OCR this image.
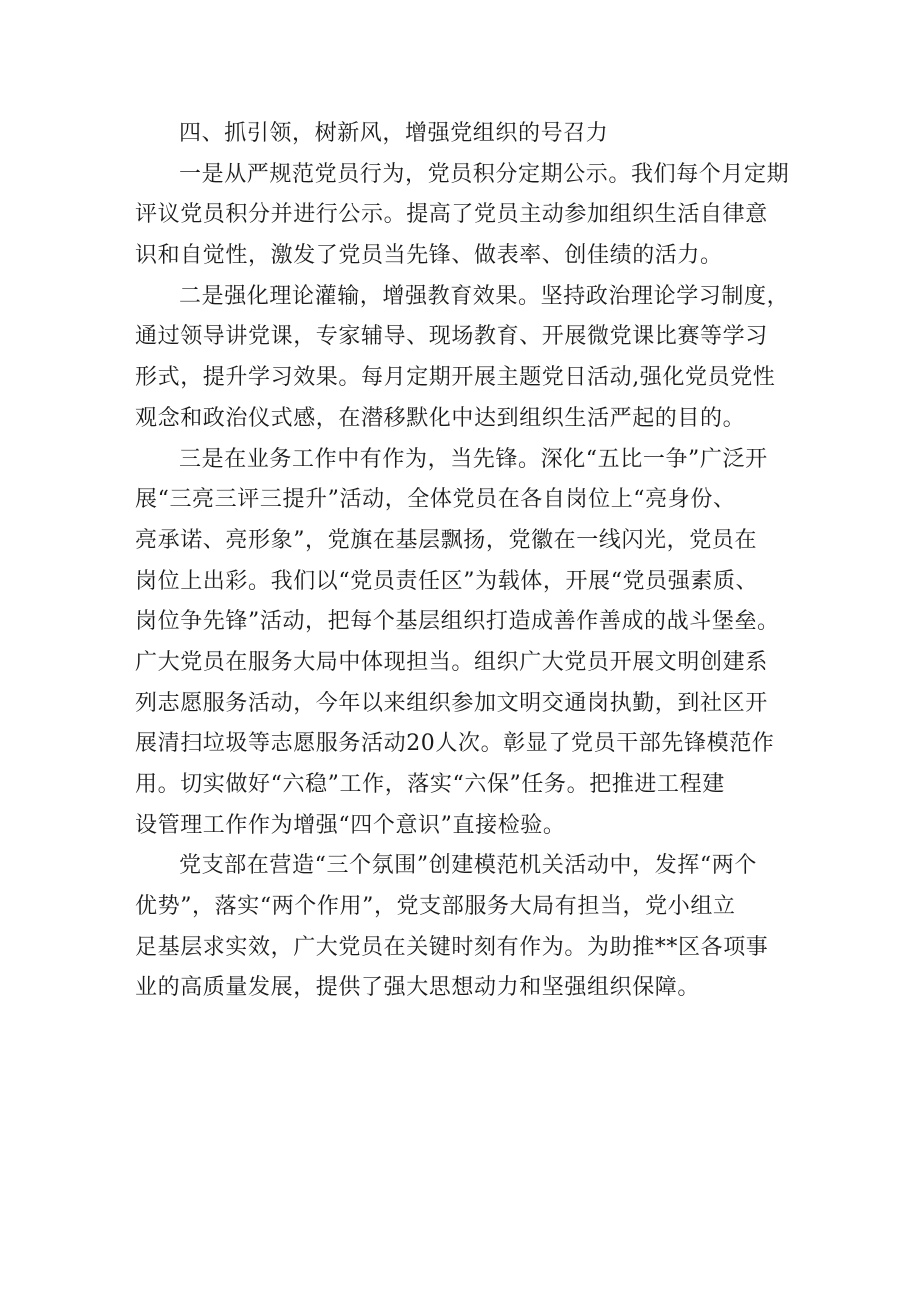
四、抓引领，树新风，增强党组织的号召力
一是从严规范党员行为，党员积分定期公示。我们每个月定期
评议党员积分并进行公示。提高了党员主动参加组织生活自律意
识和自觉性，激发了党员当先锋、做表率、创佳绩的活力。
二是强化理论灌输，增强教育效果。坚持政治理论学习制度，
通过领导讲党课，专家辅导、现场教育、开展微党课比赛等学习
形式，提升学习效果。每月定期开展主题党日活动,强化党员党性
观念和政治仪式感，在潜移默化中达到组织生活严起的目的。
三是在业务工作中有作为，当先锋。深化“五比一争”广泛开
展“三亮三评三提升”活动，全体党员在各自岗位上“亮身份、
亮承诺、亮形象”，党旗在基层飘扬，党徽在一线闪光，党员在
岗位上出彩。我们以“党员责任区”为载体，开展“党员强素质、
岗位争先锋”活动，把每个基层组织打造成善作善成的战斗堡垒。
广大党员在服务大局中体现担当。组织广大党员开展文明创建系
列志愿服务活动，今年以来组织参加文明交通岗执勤，到社区开
展清扫垃圾等志愿服务活动20人次。彰显了党员干部先锋模范作
用。切实做好“六稳”工作，落实“六保”任务。把推进工程建
设管理工作作为增强“四个意识”直接检验。
党支部在营造“三个氛围”创建模范机关活动中，发挥“两个
优势”，落实“两个作用”，党支部服务大局有担当，党小组立
足基层求实效，广大党员在关键时刻有作为。为助推**区各项事
业的高质量发展，提供了强大思想动力和坚强组织保障。
